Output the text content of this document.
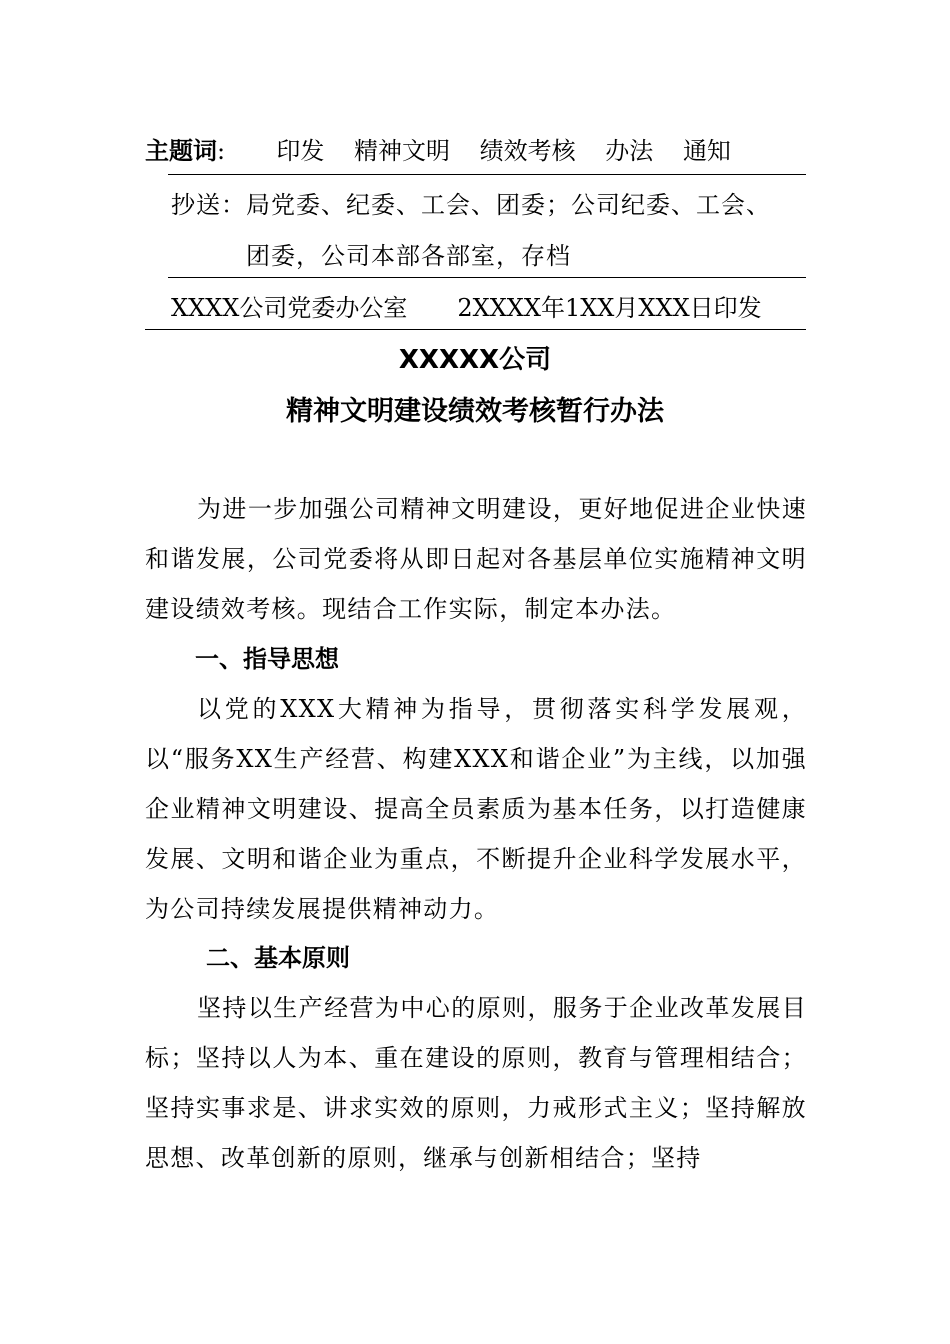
主题词: 印发 精神文明 绩效考核 办法 通知
抄送：局党委、纪委、工会、团委；公司纪委、工会、
团委，公司本部各部室，存档
XXXX公司党委办公室 2XXXX年1XX月XXX日印发
XXXXX公司
精神文明建设绩效考核暂行办法
为进一步加强公司精神文明建设，更好地促进企业快速和谐发展，公司党委将从即日起对各基层单位实施精神文明建设绩效考核。现结合工作实际，制定本办法。
一、指导思想
以党的XXX大精神为指导，贯彻落实科学发展观，以“服务XX生产经营、构建XXX和谐企业”为主线，以加强企业精神文明建设、提高全员素质为基本任务，以打造健康发展、文明和谐企业为重点，不断提升企业科学发展水平，为公司持续发展提供精神动力。
二、基本原则
坚持以生产经营为中心的原则，服务于企业改革发展目标；坚持以人为本、重在建设的原则，教育与管理相结合；坚持实事求是、讲求实效的原则，力戒形式主义；坚持解放思想、改革创新的原则，继承与创新相结合；坚持
